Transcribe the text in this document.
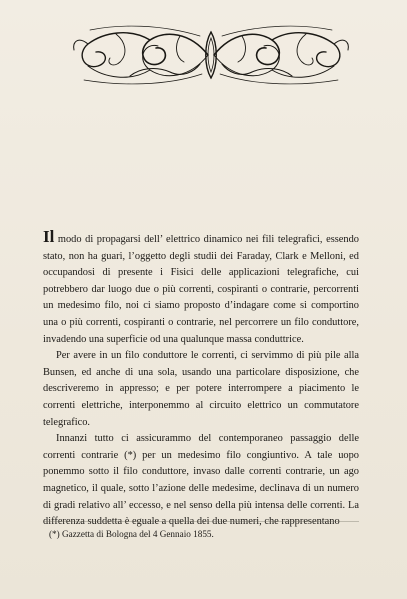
Il modo di propagarsi dell’ elettrico dinamico nei fili telegrafici, essendo stato, non ha guari, l’oggetto degli studii dei Faraday, Clark e Melloni, ed occupandosi di presente i Fisici delle applicazioni telegrafiche, cui potrebbero dar luogo due o più correnti, cospiranti o contrarie, percorrenti un medesimo filo, noi ci siamo proposto d’indagare come si comportino una o più correnti, cospiranti o contrarie, nel percorrere un filo conduttore, invadendo una superficie od una qualunque massa conduttrice.

Per avere in un filo conduttore le correnti, ci servimmo di più pile alla Bunsen, ed anche di una sola, usando una particolare disposizione, che descriveremo in appresso; e per potere interrompere a piacimento le correnti elettriche, interponemmo al circuito elettrico un commutatore telegrafico.

Innanzi tutto ci assicurammo del contemporaneo passaggio delle correnti contrarie (*) per un medesimo filo congiuntivo. A tale uopo ponemmo sotto il filo conduttore, invaso dalle correnti contrarie, un ago magnetico, il quale, sotto l’azione delle medesime, declinava di un numero di gradi relativo all’ eccesso, e nel senso della più intensa delle correnti. La differenza suddetta è eguale a quella dei due numeri, che rappresentano

(*) Gazzetta di Bologna del 4 Gennaio 1855.
